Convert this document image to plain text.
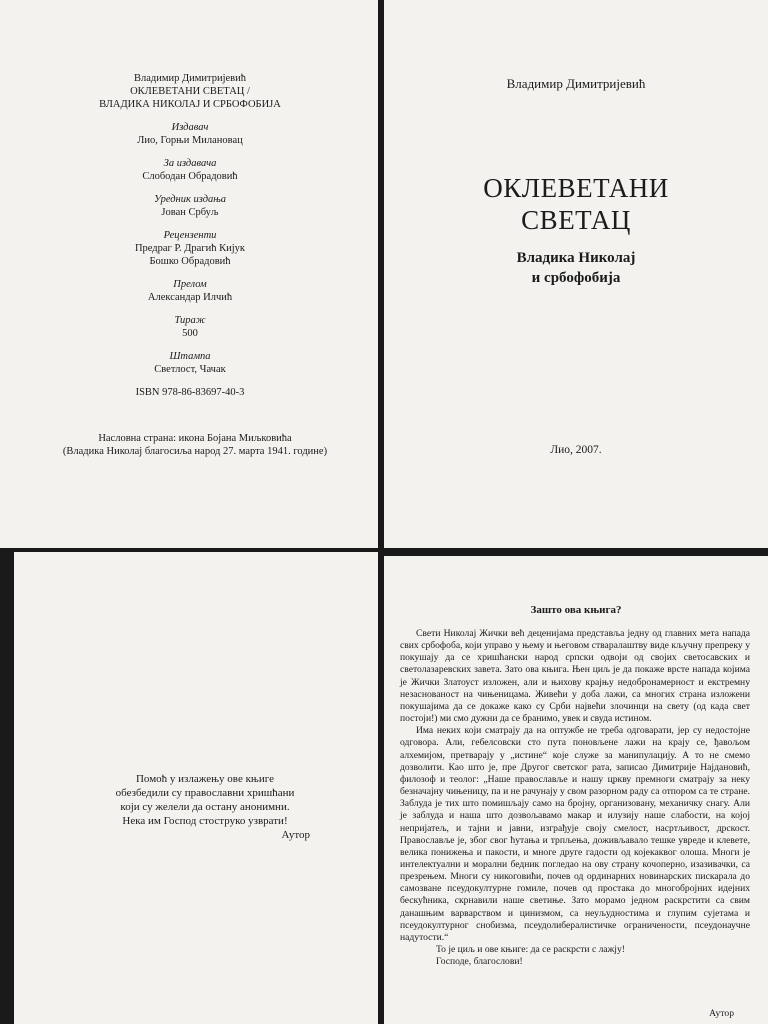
Владимир Димитријевић
ОКЛЕВЕТАНИ СВЕТАЦ /
ВЛАДИКА НИКОЛАЈ И СРБОФОБИЈА
Издавач
Лио, Горњи Милановац
За издавача
Слободан Обрадовић
Уредник издања
Јован Србуљ
Рецензенти
Предраг Р. Драгић Кијук
Бошко Обрадовић
Прелом
Александар Илчић
Тираж
500
Штампа
Светлост, Чачак
ISBN 978-86-83697-40-3
Насловна страна: икона Бојана Миљковића
(Владика Николај благосиља народ 27. марта 1941. године)
Владимир Димитријевић
ОКЛЕВЕТАНИ
СВЕТАЦ
Владика Николај
и србофобија
Лио, 2007.
Помоћ у излажењу ове књиге
обезбедили су православни хришћани
који су желели да остану анонимни.
Нека им Господ стоструко узврати!
Аутор
Зашто ова књига?

Свети Николај Жички већ деценијама представља једну од главних мета напада свих србофоба, који управо у њему и његовом стваралаштву виде кључну препреку у покушају да се хришћански народ српски одвоји од својих светосавских и светолазаревских завета. Зато ова књига. Њен циљ је да покаже врсте напада којима је Жички Златоуст изложен, али и њихову крајњу недобронамерност и екстремну незасновaност на чињеницама. Живећи у доба лажи, са многих страна изложени покушајима да се докаже како су Срби највећи злочинци на свету (од када свет постоји!) ми смо дужни да се бранимо, увек и свуда истином.

Има неких који сматрају да на оптужбе не треба одговарати, јер су недостојне одговора. Али, гебелсовски сто пута поновљене лажи на крају се, ђавољом алхемијом, претварају у „истине“ које служе за манипулацију. А то не смемо дозволити. Као што је, пре Другог светског рата, записао Димитрије Најдановић, филозоф и теолог: „Наше православље и нашу цркву премноги сматрају за неку безначајну чињеницу, па и не рачунају у свом разорном раду са отпором са те стране. Заблуда је тих што помишљају само на бројну, организовану, механичку снагу. Али је заблуда и наша што дозвољавамо макар и илузију наше слабости, на којој непријатељ, и тајни и јавни, изграђује своју смелост, насртљивост, дрскост. Православље је, због свог ћутања и трпљења, доживљавало тешке увреде и клевете, велика понижења и пакости, и многе друге гадости од којекаквог олоша. Многи је интелектуални и морални бедник погледао на ову страну кочоперно, изазивачки, са презрењем. Многи су никоговићи, почев од ординарних новинарских пискарала до самозване псеудокултурне гомиле, почев од простака до многобројних идејних бескућника, скрнавили наше светиње. Зато морамо једном раскрстити са свим данашњим варварством и цинизмом, са неуљудностима и глупим сујетама и псеудокултурног снобизма, псеудолибералистичке ограничености, псеудонаучне надутости.“

То је циљ и ове књиге: да се раскрсти с лажју!

Господе, благослови!

Аутор
